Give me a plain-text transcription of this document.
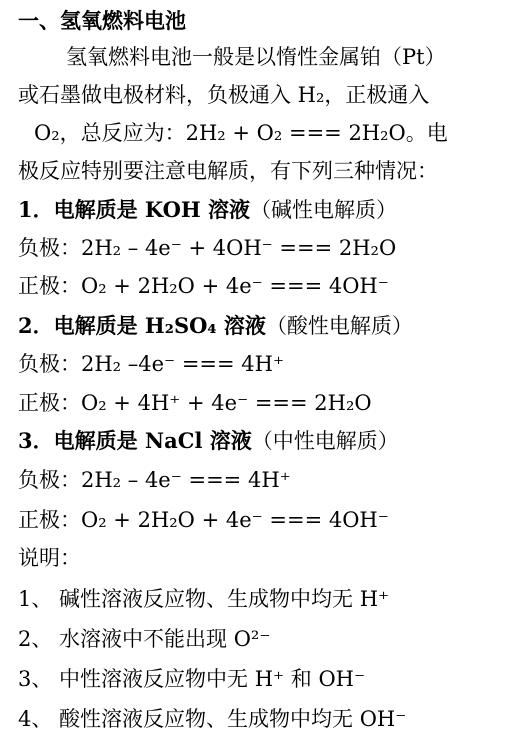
一、氢氧燃料电池
氢氧燃料电池一般是以惰性金属铂（Pt）
或石墨做电极材料，负极通入 H₂，正极通入
O₂，总反应为：2H₂ + O₂ === 2H₂O。电
极反应特别要注意电解质，有下列三种情况：
1．电解质是 KOH 溶液（碱性电解质）
负极：2H₂ – 4e⁻ + 4OH⁻ === 2H₂O
正极：O₂ + 2H₂O + 4e⁻ === 4OH⁻
2．电解质是 H₂SO₄ 溶液（酸性电解质）
负极：2H₂ –4e⁻ === 4H⁺
正极：O₂ + 4H⁺ + 4e⁻ === 2H₂O
3．电解质是 NaCl 溶液（中性电解质）
负极：2H₂ – 4e⁻ === 4H⁺
正极：O₂ + 2H₂O + 4e⁻ === 4OH⁻
说明：
1、 碱性溶液反应物、生成物中均无 H⁺
2、 水溶液中不能出现 O²⁻
3、 中性溶液反应物中无 H⁺ 和 OH⁻
4、 酸性溶液反应物、生成物中均无 OH⁻
